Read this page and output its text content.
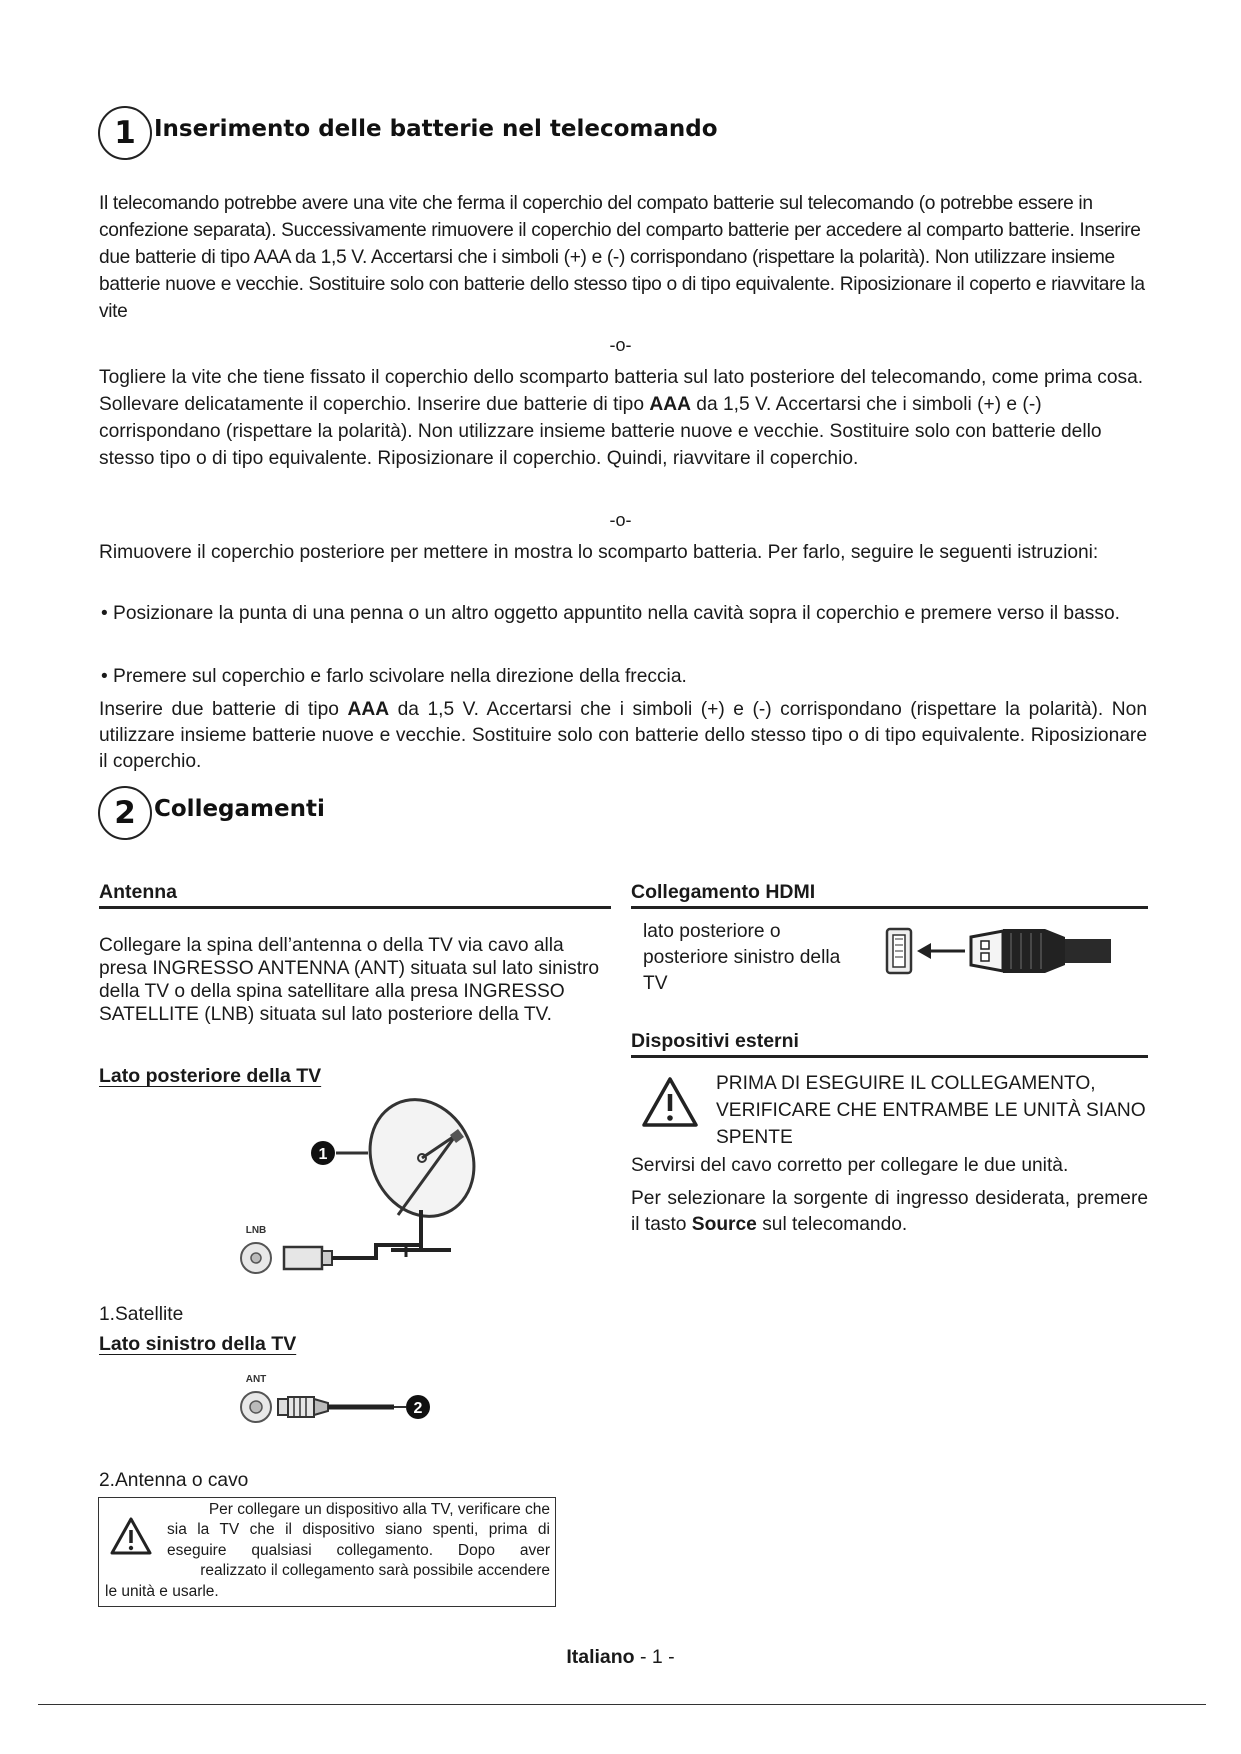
1 Inserimento delle batterie nel telecomando

Il telecomando potrebbe avere una vite che ferma il coperchio del compato batterie sul telecomando (o potrebbe essere in confezione separata). Successivamente rimuovere il coperchio del comparto batterie per accedere al comparto batterie. Inserire due batterie di tipo AAA da 1,5 V. Accertarsi che i simboli (+) e (-) corrispondano (rispettare la polarità). Non utilizzare insieme batterie nuove e vecchie. Sostituire solo con batterie dello stesso tipo o di tipo equivalente. Riposizionare il coperto e riavvitare la vite

-o-

Togliere la vite che tiene fissato il coperchio dello scomparto batteria sul lato posteriore del telecomando, come prima cosa. Sollevare delicatamente il coperchio. Inserire due batterie di tipo AAA da 1,5 V. Accertarsi che i simboli (+) e (-) corrispondano (rispettare la polarità). Non utilizzare insieme batterie nuove e vecchie. Sostituire solo con batterie dello stesso tipo o di tipo equivalente. Riposizionare il coperchio. Quindi, riavvitare il coperchio.

-o-

Rimuovere il coperchio posteriore per mettere in mostra lo scomparto batteria. Per farlo, seguire le seguenti istruzioni:

• Posizionare la punta di una penna o un altro oggetto appuntito nella cavità sopra il coperchio e premere verso il basso.

• Premere sul coperchio e farlo scivolare nella direzione della freccia.

Inserire due batterie di tipo AAA da 1,5 V. Accertarsi che i simboli (+) e (-) corrispondano (rispettare la polarità). Non utilizzare insieme batterie nuove e vecchie. Sostituire solo con batterie dello stesso tipo o di tipo equivalente. Riposizionare il coperchio.

2 Collegamenti
Antenna

Collegare la spina dell’antenna o della TV via cavo alla presa INGRESSO ANTENNA (ANT) situata sul lato sinistro della TV o della spina satellitare alla presa INGRESSO SATELLITE (LNB) situata sul lato posteriore della TV.

Lato posteriore della TV
1
LNB
1.Satellite
Lato sinistro della TV
ANT
2
2.Antenna o cavo
Per collegare un dispositivo alla TV, verificare che
sia la TV che il dispositivo siano spenti, prima di
eseguire qualsiasi collegamento. Dopo aver
realizzato il collegamento sarà possibile accendere
le unità e usarle.
Collegamento HDMI

lato posteriore o posteriore sinistro della TV

Dispositivi esterni

PRIMA DI ESEGUIRE IL COLLEGAMENTO, VERIFICARE CHE ENTRAMBE LE UNITÀ SIANO SPENTE

Servirsi del cavo corretto per collegare le due unità.

Per selezionare la sorgente di ingresso desiderata, premere il tasto Source sul telecomando.

Italiano - 1 -
